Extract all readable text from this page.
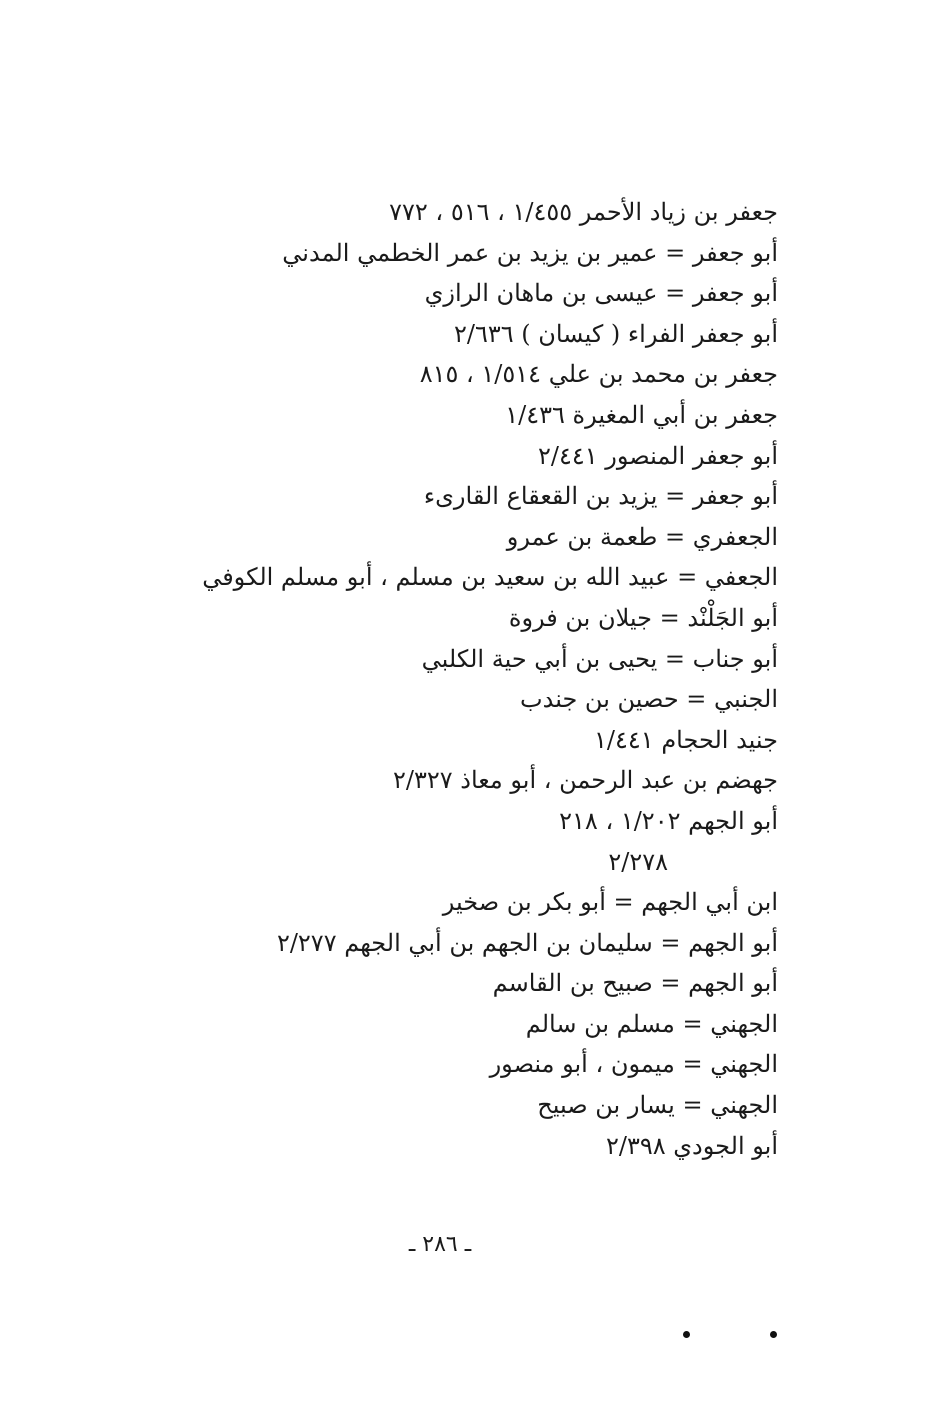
جعفر بن زياد الأحمر ١/٤٥٥ ، ٥١٦ ، ٧٧٢
أبو جعفر = عمير بن يزيد بن عمر الخطمي المدني
أبو جعفر = عيسى بن ماهان الرازي
أبو جعفر الفراء ( كيسان ) ٢/٦٣٦
جعفر بن محمد بن علي ١/٥١٤ ، ٨١٥
جعفر بن أبي المغيرة ١/٤٣٦
أبو جعفر المنصور ٢/٤٤١
أبو جعفر = يزيد بن القعقاع القارىء
الجعفري = طعمة بن عمرو
الجعفي = عبيد الله بن سعيد بن مسلم ، أبو مسلم الكوفي
أبو الجَلْنْد = جيلان بن فروة
أبو جناب = يحيى بن أبي حية الكلبي
الجنبي = حصين بن جندب
جنيد الحجام ١/٤٤١
جهضم بن عبد الرحمن ، أبو معاذ ٢/٣٢٧
أبو الجهم ١/٢٠٢ ، ٢١٨
٢/٢٧٨
ابن أبي الجهم = أبو بكر بن صخير
أبو الجهم = سليمان بن الجهم بن أبي الجهم ٢/٢٧٧
أبو الجهم = صبيح بن القاسم
الجهني = مسلم بن سالم
الجهني = ميمون ، أبو منصور
الجهني = يسار بن صبيح
أبو الجودي ٢/٣٩٨
ـ ٢٨٦ ـ
